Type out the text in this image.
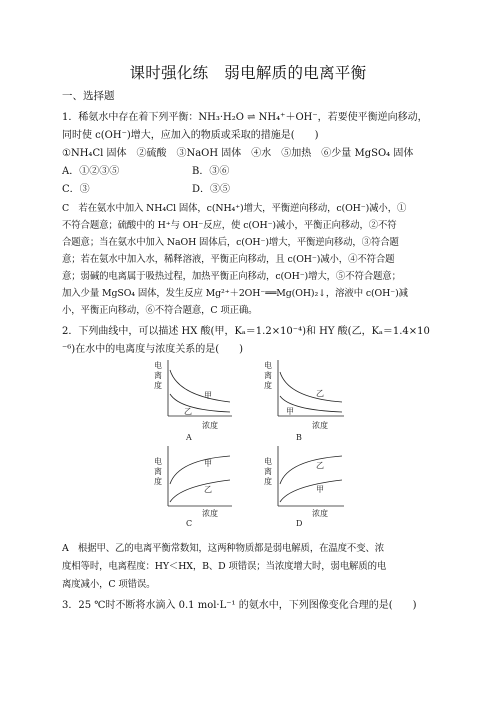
课时强化练　弱电解质的电离平衡
一、选择题
1．稀氨水中存在着下列平衡：NH₃·H₂O ⇌ NH₄⁺＋OH⁻，若要使平衡逆向移动，
同时使 c(OH⁻)增大，应加入的物质或采取的措施是(　　)
①NH₄Cl 固体　②硫酸　③NaOH 固体　④水　⑤加热　⑥少量 MgSO₄ 固体
A．①②③⑤	B．③⑥
C．③	D．③⑤
C　若在氨水中加入 NH₄Cl 固体，c(NH₄⁺)增大，平衡逆向移动，c(OH⁻)减小，①
不符合题意；硫酸中的 H⁺与 OH⁻反应，使 c(OH⁻)减小，平衡正向移动，②不符
合题意；当在氨水中加入 NaOH 固体后，c(OH⁻)增大，平衡逆向移动，③符合题
意；若在氨水中加入水，稀释溶液，平衡正向移动，且 c(OH⁻)减小，④不符合题
意；弱碱的电离属于吸热过程，加热平衡正向移动，c(OH⁻)增大，⑤不符合题意；
加入少量 MgSO₄ 固体，发生反应 Mg²⁺＋2OH⁻══Mg(OH)₂↓，溶液中 c(OH⁻)减
小，平衡正向移动，⑥不符合题意，C 项正确。
2．下列曲线中，可以描述 HX 酸(甲，Kₐ＝1.2×10⁻⁴)和 HY 酸(乙，Kₐ＝1.4×10
⁻⁶)在水中的电离度与浓度关系的是(　　)
电
离
度
甲
乙
浓度
A
电
离
度
乙
甲
浓度
B
电
离
度
甲
乙
浓度
C
电
离
度
乙
甲
浓度
D
A　根据甲、乙的电离平衡常数知，这两种物质都是弱电解质，在温度不变、浓
度相等时，电离程度：HY＜HX，B、D 项错误；当浓度增大时，弱电解质的电
离度减小，C 项错误。
3．25 ℃时不断将水滴入 0.1 mol·L⁻¹ 的氨水中，下列图像变化合理的是(　　)
